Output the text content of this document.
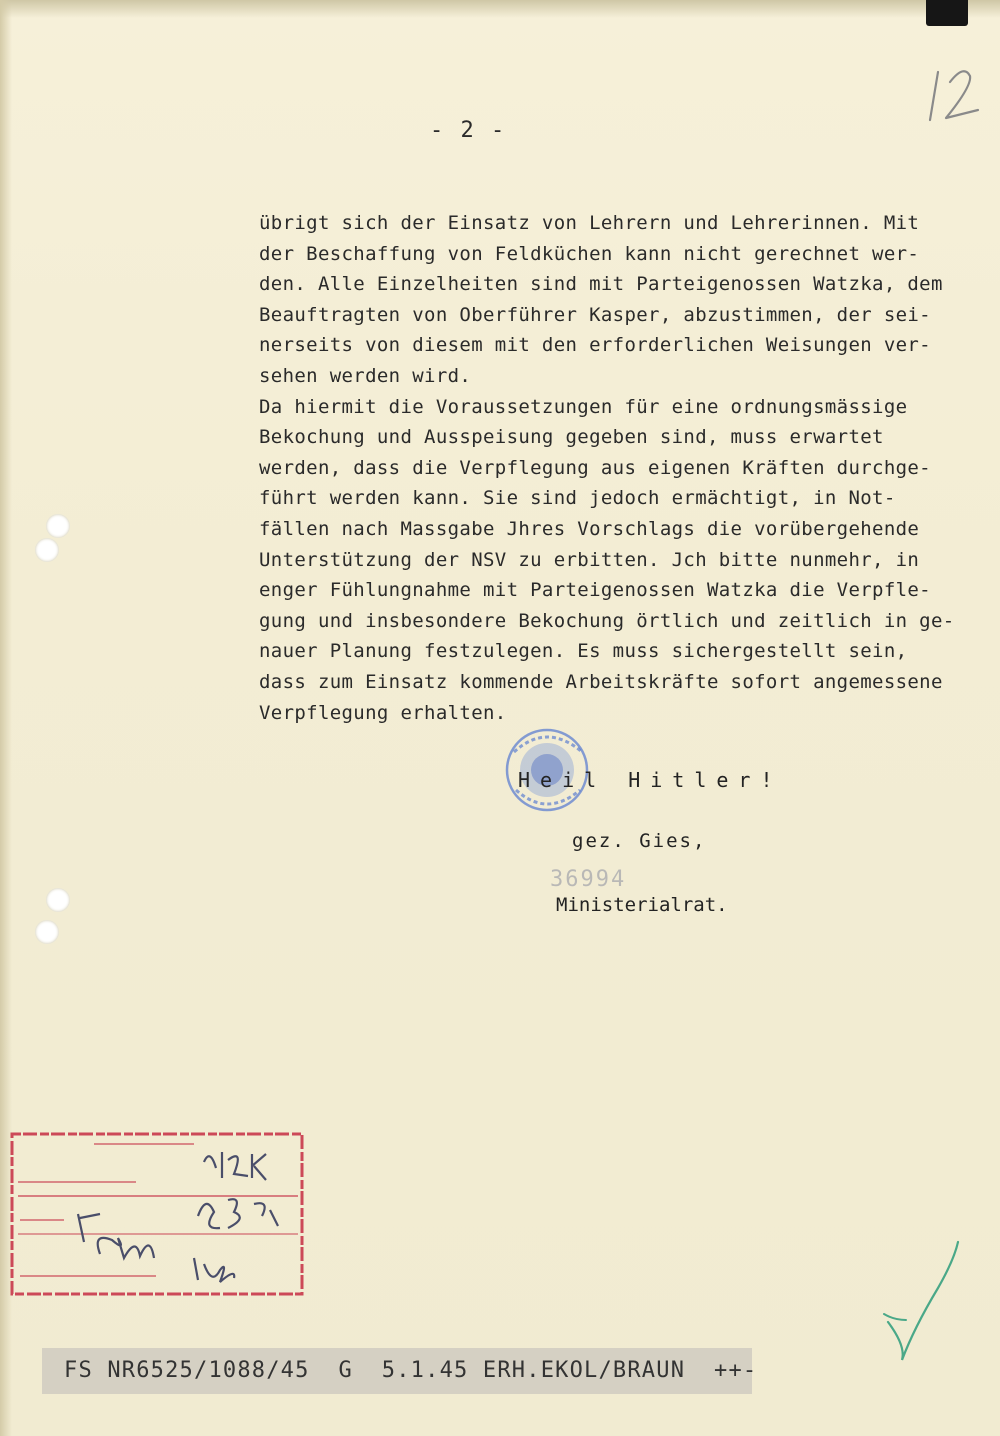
- 2 -
übrigt sich der Einsatz von Lehrern und Lehrerinnen. Mit
der Beschaffung von Feldküchen kann nicht gerechnet wer-
den. Alle Einzelheiten sind mit Parteigenossen Watzka, dem
Beauftragten von Oberführer Kasper, abzustimmen, der sei-
nerseits von diesem mit den erforderlichen Weisungen ver-
sehen werden wird.
Da hiermit die Voraussetzungen für eine ordnungsmässige
Bekochung und Ausspeisung gegeben sind, muss erwartet
werden, dass die Verpflegung aus eigenen Kräften durchge-
führt werden kann. Sie sind jedoch ermächtigt, in Not-
fällen nach Massgabe Jhres Vorschlags die vorübergehende
Unterstützung der NSV zu erbitten. Jch bitte nunmehr, in
enger Fühlungnahme mit Parteigenossen Watzka die Verpfle-
gung und insbesondere Bekochung örtlich und zeitlich in ge-
nauer Planung festzulegen. Es muss sichergestellt sein,
dass zum Einsatz kommende Arbeitskräfte sofort angemessene
Verpflegung erhalten.
Heil Hitler!
gez. Gies,
36994
Ministerialrat.
FS NR6525/1088/45  G  5.1.45 ERH.EKOL/BRAUN  ++-
